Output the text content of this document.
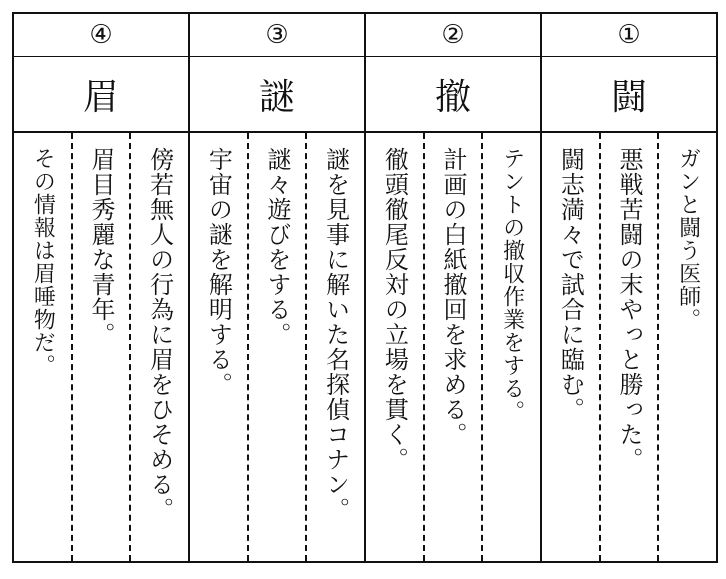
④
眉
傍若無人の行為に眉をひそめる。
眉目秀麗な青年。
その情報は眉唾物だ。
③
謎
謎を見事に解いた名探偵コナン。
謎々遊びをする。
宇宙の謎を解明する。
②
撤
テントの撤収作業をする。
計画の白紙撤回を求める。
徹頭徹尾反対の立場を貫く。
①
闘
ガンと闘う医師。
悪戦苦闘の末やっと勝った。
闘志満々で試合に臨む。
